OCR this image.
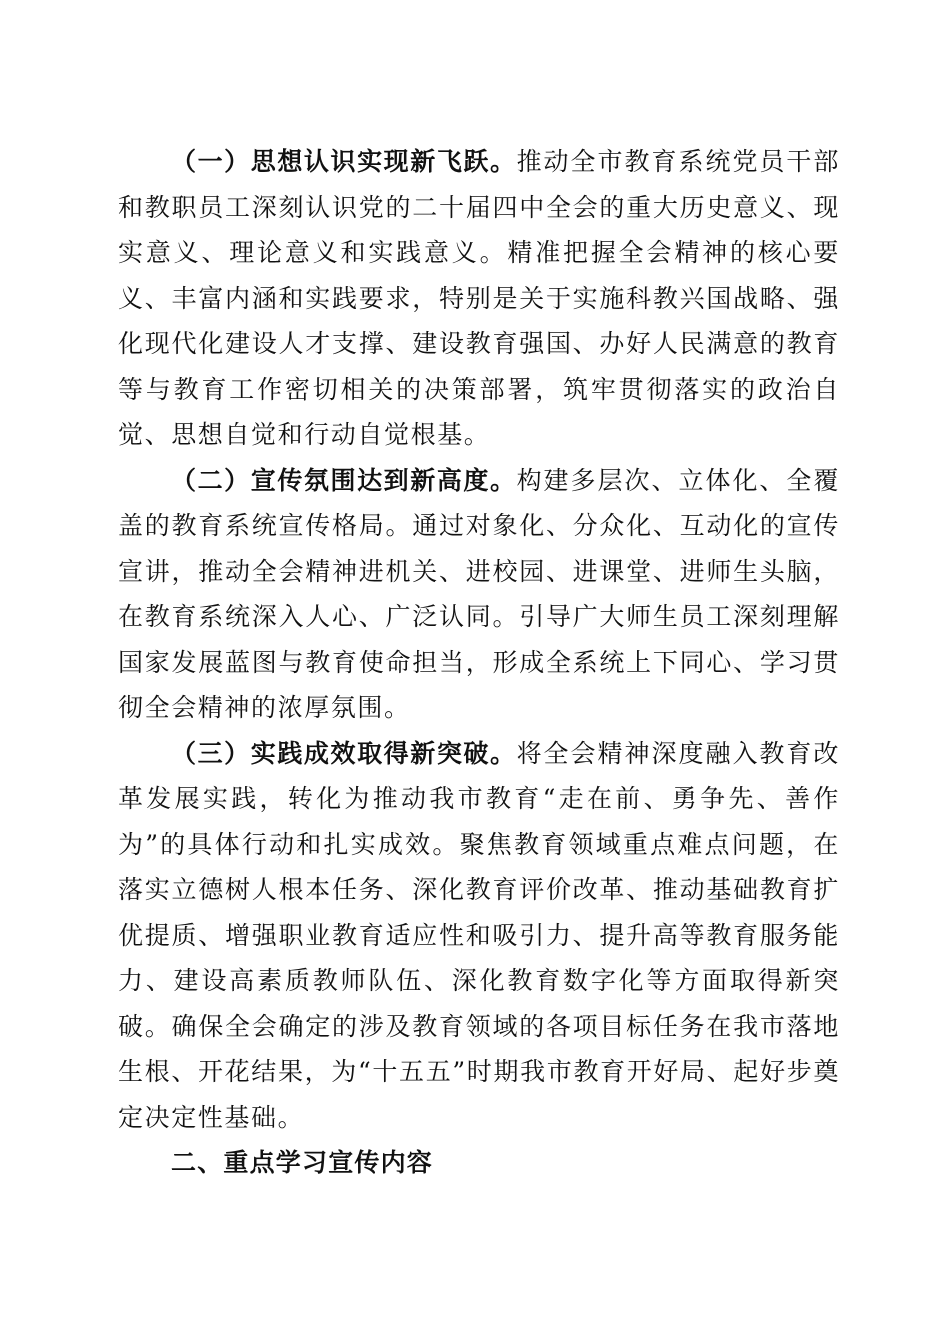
（一）思想认识实现新飞跃。推动全市教育系统党员干部和教职员工深刻认识党的二十届四中全会的重大历史意义、现实意义、理论意义和实践意义。精准把握全会精神的核心要义、丰富内涵和实践要求，特别是关于实施科教兴国战略、强化现代化建设人才支撑、建设教育强国、办好人民满意的教育等与教育工作密切相关的决策部署，筑牢贯彻落实的政治自觉、思想自觉和行动自觉根基。

（二）宣传氛围达到新高度。构建多层次、立体化、全覆盖的教育系统宣传格局。通过对象化、分众化、互动化的宣传宣讲，推动全会精神进机关、进校园、进课堂、进师生头脑，在教育系统深入人心、广泛认同。引导广大师生员工深刻理解国家发展蓝图与教育使命担当，形成全系统上下同心、学习贯彻全会精神的浓厚氛围。

（三）实践成效取得新突破。将全会精神深度融入教育改革发展实践，转化为推动我市教育“走在前、勇争先、善作为”的具体行动和扎实成效。聚焦教育领域重点难点问题，在落实立德树人根本任务、深化教育评价改革、推动基础教育扩优提质、增强职业教育适应性和吸引力、提升高等教育服务能力、建设高素质教师队伍、深化教育数字化等方面取得新突破。确保全会确定的涉及教育领域的各项目标任务在我市落地生根、开花结果，为“十五五”时期我市教育开好局、起好步奠定决定性基础。

二、重点学习宣传内容
